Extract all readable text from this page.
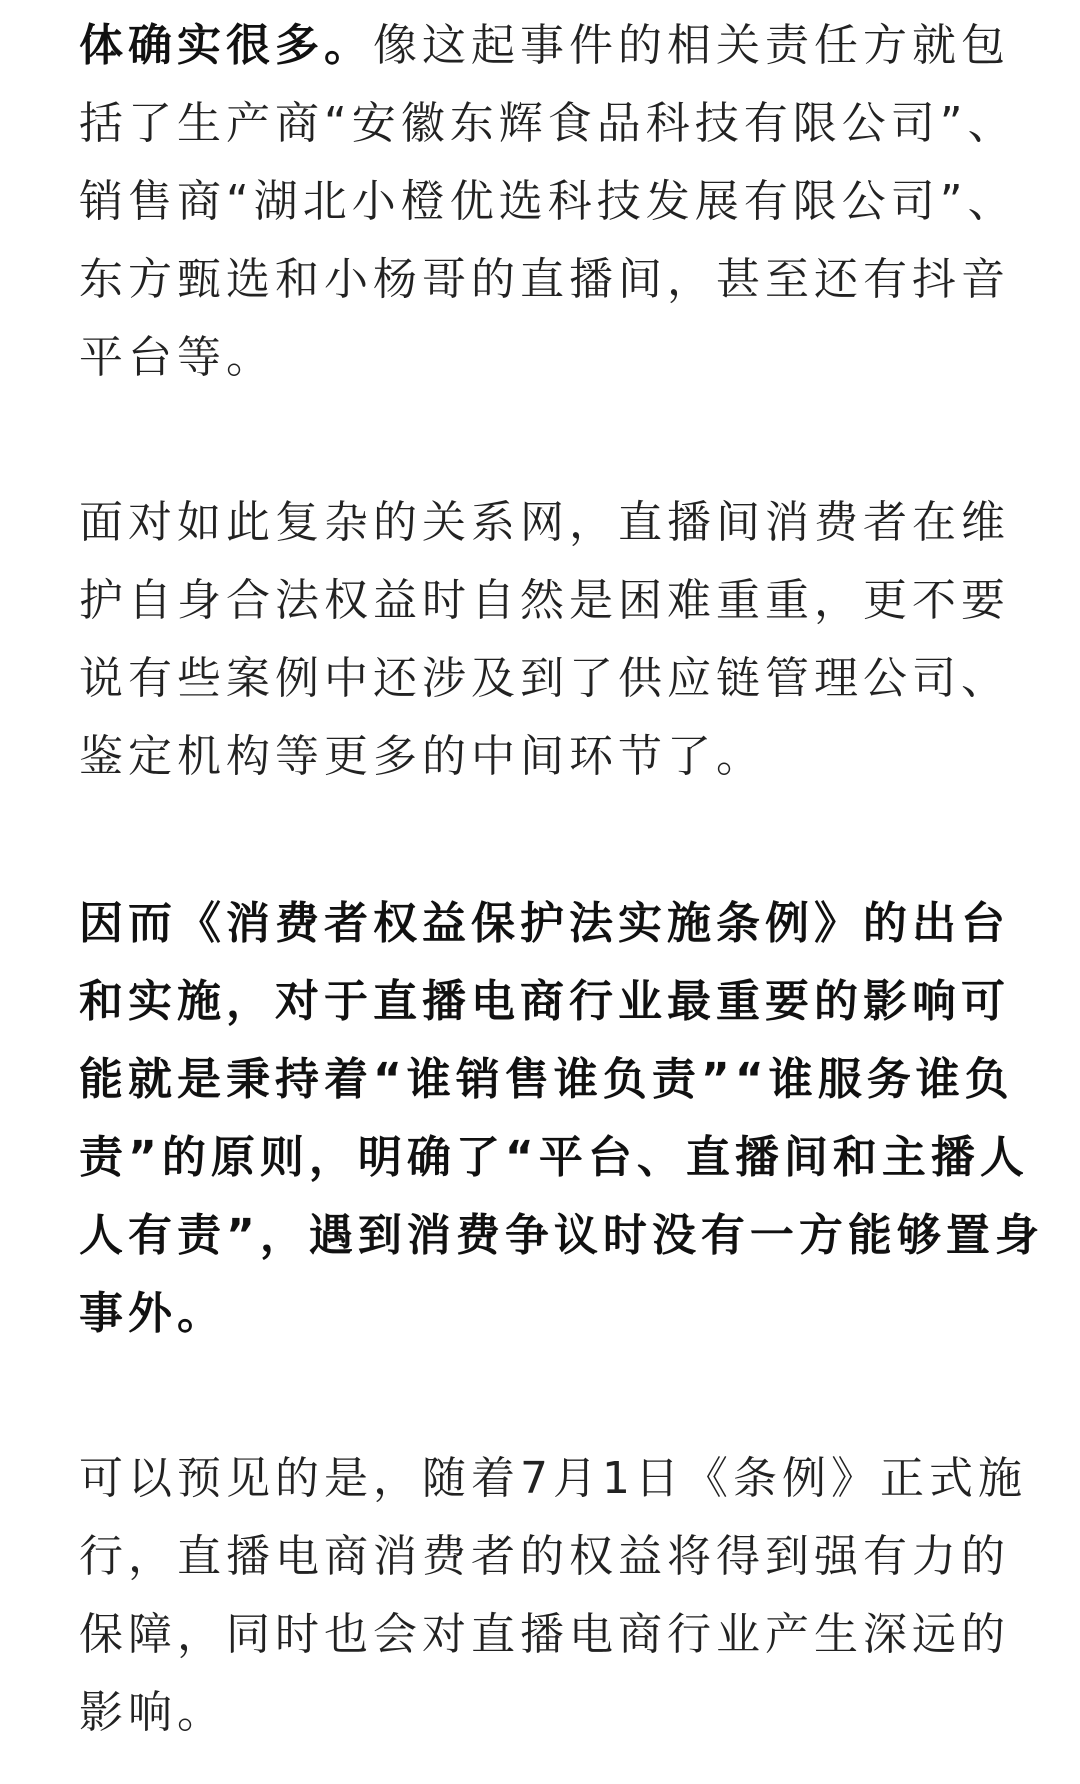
体确实很多。像这起事件的相关责任方就包
括了生产商“安徽东辉食品科技有限公司”、
销售商“湖北小橙优选科技发展有限公司”、
东方甄选和小杨哥的直播间，甚至还有抖音
平台等。

面对如此复杂的关系网，直播间消费者在维
护自身合法权益时自然是困难重重，更不要
说有些案例中还涉及到了供应链管理公司、
鉴定机构等更多的中间环节了。

因而《消费者权益保护法实施条例》的出台
和实施，对于直播电商行业最重要的影响可
能就是秉持着“谁销售谁负责”“谁服务谁负
责”的原则，明确了“平台、直播间和主播人
人有责”，遇到消费争议时没有一方能够置身
事外。

可以预见的是，随着7月1日《条例》正式施
行，直播电商消费者的权益将得到强有力的
保障，同时也会对直播电商行业产生深远的
影响。
